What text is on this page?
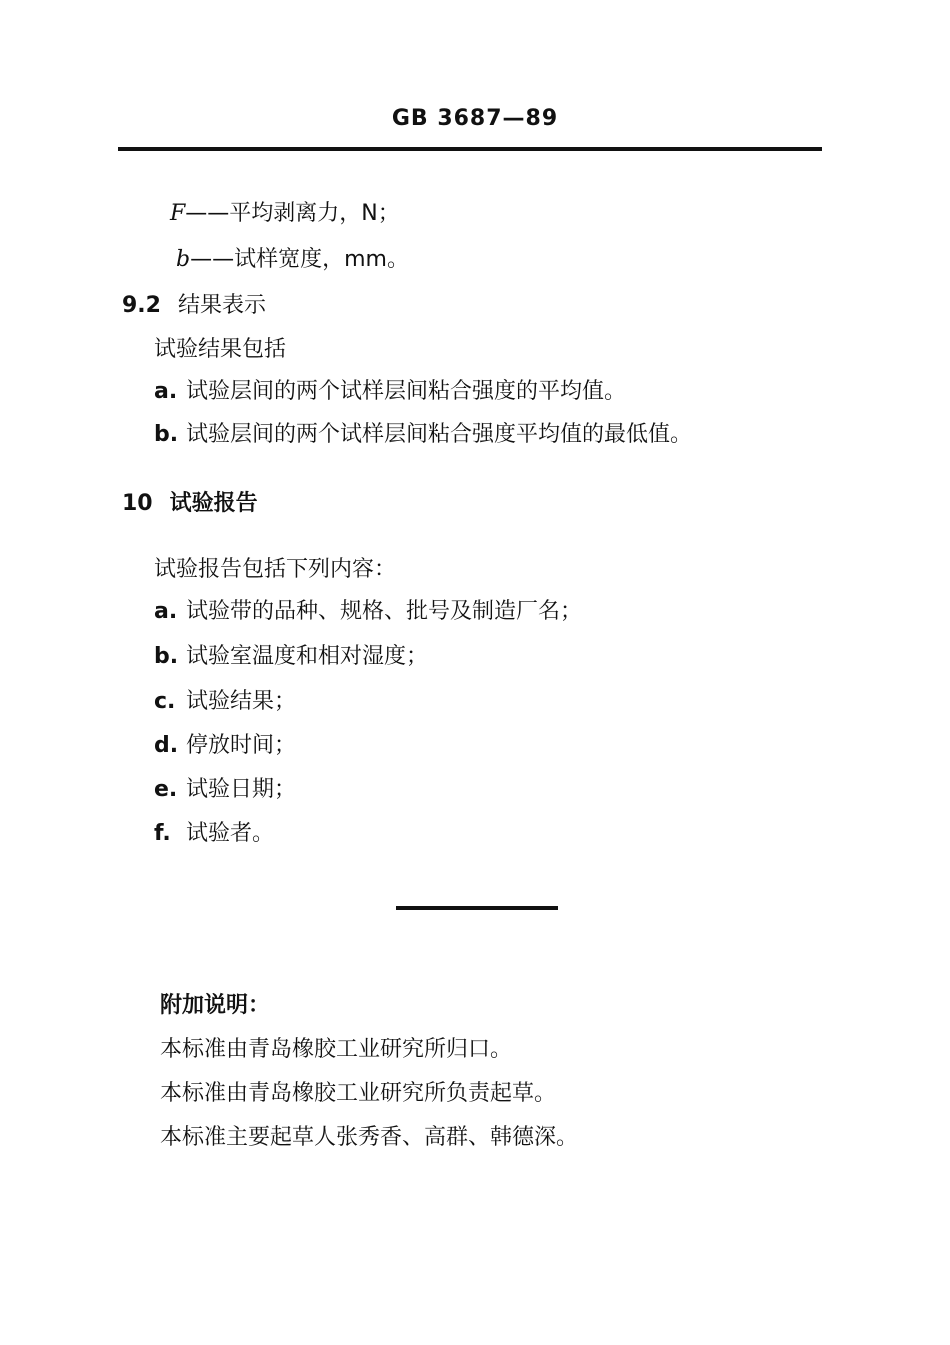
GB 3687—89
F——平均剥离力，N；
b——试样宽度，mm。
9.2 结果表示
试验结果包括
a. 试验层间的两个试样层间粘合强度的平均值。
b. 试验层间的两个试样层间粘合强度平均值的最低值。
10 试验报告
试验报告包括下列内容：
a. 试验带的品种、规格、批号及制造厂名；
b. 试验室温度和相对湿度；
c. 试验结果；
d. 停放时间；
e. 试验日期；
f. 试验者。
附加说明：
本标准由青岛橡胶工业研究所归口。
本标准由青岛橡胶工业研究所负责起草。
本标准主要起草人张秀香、高群、韩德深。
